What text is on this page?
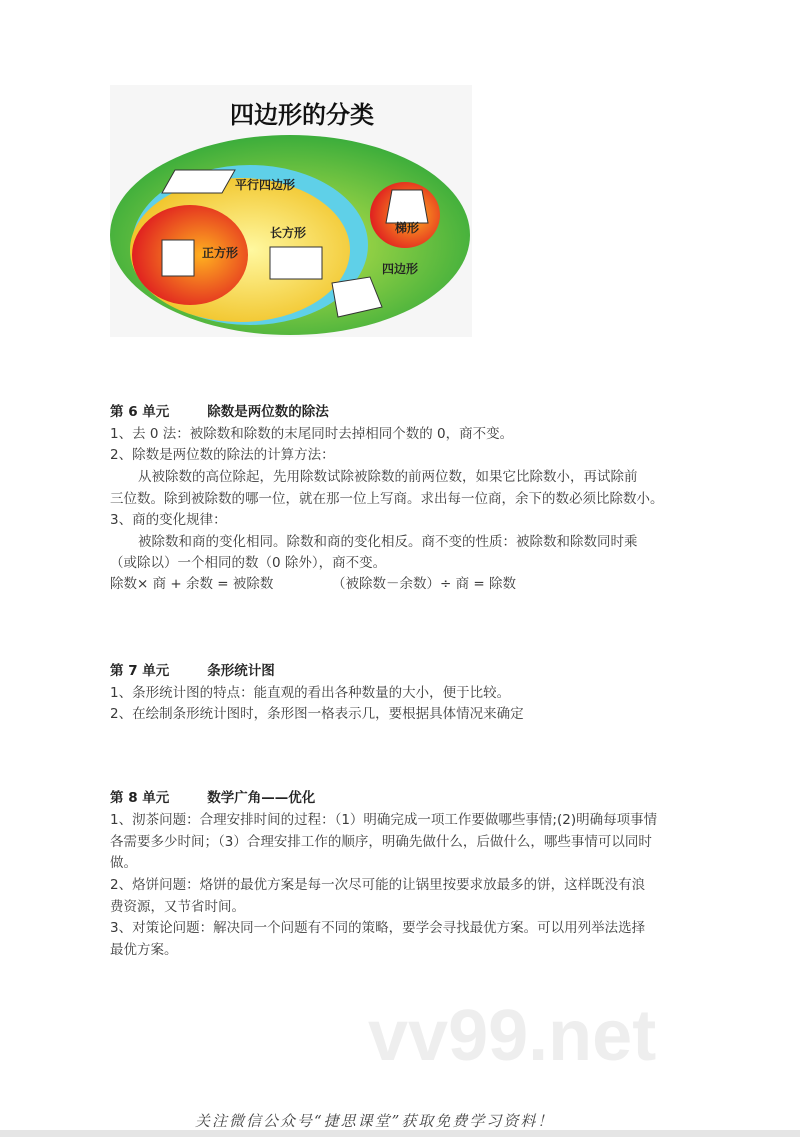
四边形的分类
平行四边形
梯形
长方形
正方形
四边形
第 6 单元	除数是两位数的除法
1、去 0 法：被除数和除数的末尾同时去掉相同个数的 0，商不变。
2、除数是两位数的除法的计算方法：
从被除数的高位除起，先用除数试除被除数的前两位数，如果它比除数小，再试除前
三位数。除到被除数的哪一位，就在那一位上写商。求出每一位商，余下的数必须比除数小。
3、商的变化规律：
被除数和商的变化相同。除数和商的变化相反。商不变的性质：被除数和除数同时乘
（或除以）一个相同的数（0 除外），商不变。
除数× 商 + 余数 = 被除数	（被除数－余数）÷ 商 = 除数
第 7 单元	条形统计图
1、条形统计图的特点：能直观的看出各种数量的大小，便于比较。
2、在绘制条形统计图时，条形图一格表示几，要根据具体情况来确定
第 8 单元	数学广角——优化
1、沏茶问题：合理安排时间的过程：（1）明确完成一项工作要做哪些事情;(2)明确每项事情
各需要多少时间；（3）合理安排工作的顺序，明确先做什么，后做什么，哪些事情可以同时
做。
2、烙饼问题：烙饼的最优方案是每一次尽可能的让锅里按要求放最多的饼，这样既没有浪
费资源，又节省时间。
3、对策论问题：解决同一个问题有不同的策略，要学会寻找最优方案。可以用列举法选择
最优方案。
vv99.net
关注微信公众号“捷思课堂”获取免费学习资料！
